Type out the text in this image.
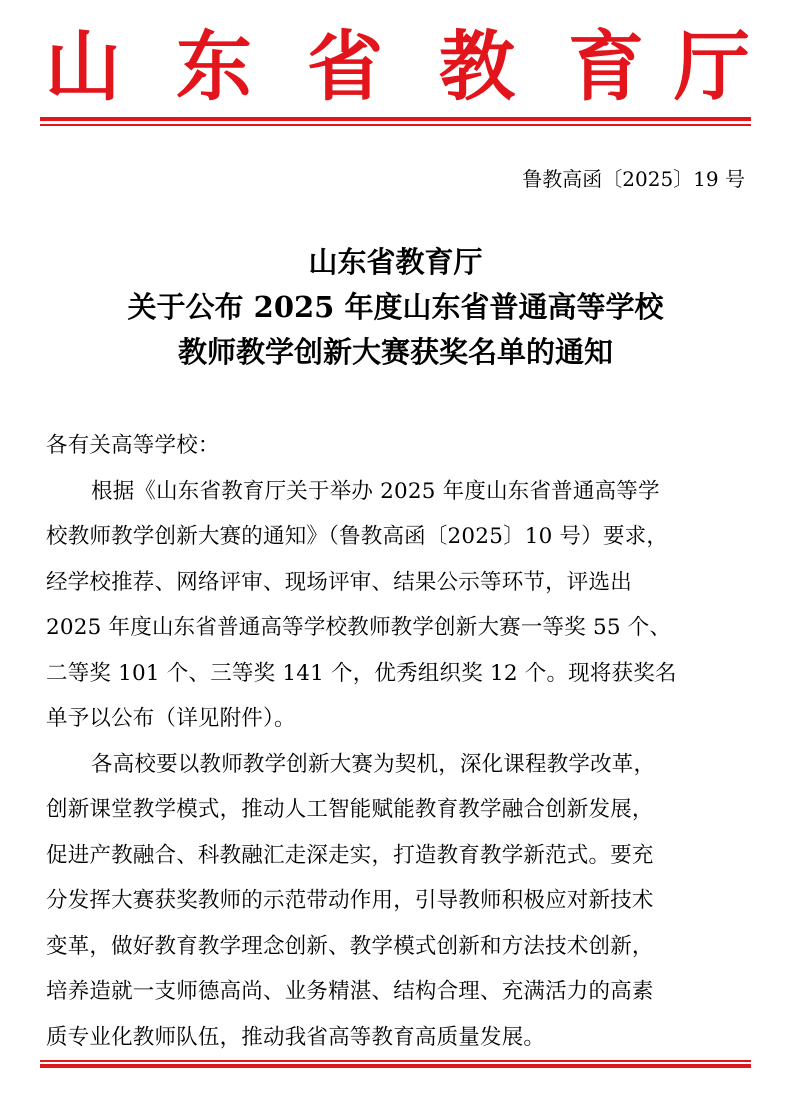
山 东 省 教 育 厅
鲁教高函〔2025〕19 号
山东省教育厅
关于公布 2025 年度山东省普通高等学校
教师教学创新大赛获奖名单的通知
各有关高等学校：
根据《山东省教育厅关于举办 2025 年度山东省普通高等学
校教师教学创新大赛的通知》（鲁教高函〔2025〕10 号）要求，
经学校推荐、网络评审、现场评审、结果公示等环节，评选出
2025 年度山东省普通高等学校教师教学创新大赛一等奖 55 个、
二等奖 101 个、三等奖 141 个，优秀组织奖 12 个。现将获奖名
单予以公布（详见附件）。
各高校要以教师教学创新大赛为契机，深化课程教学改革，
创新课堂教学模式，推动人工智能赋能教育教学融合创新发展，
促进产教融合、科教融汇走深走实，打造教育教学新范式。要充
分发挥大赛获奖教师的示范带动作用，引导教师积极应对新技术
变革，做好教育教学理念创新、教学模式创新和方法技术创新，
培养造就一支师德高尚、业务精湛、结构合理、充满活力的高素
质专业化教师队伍，推动我省高等教育高质量发展。
